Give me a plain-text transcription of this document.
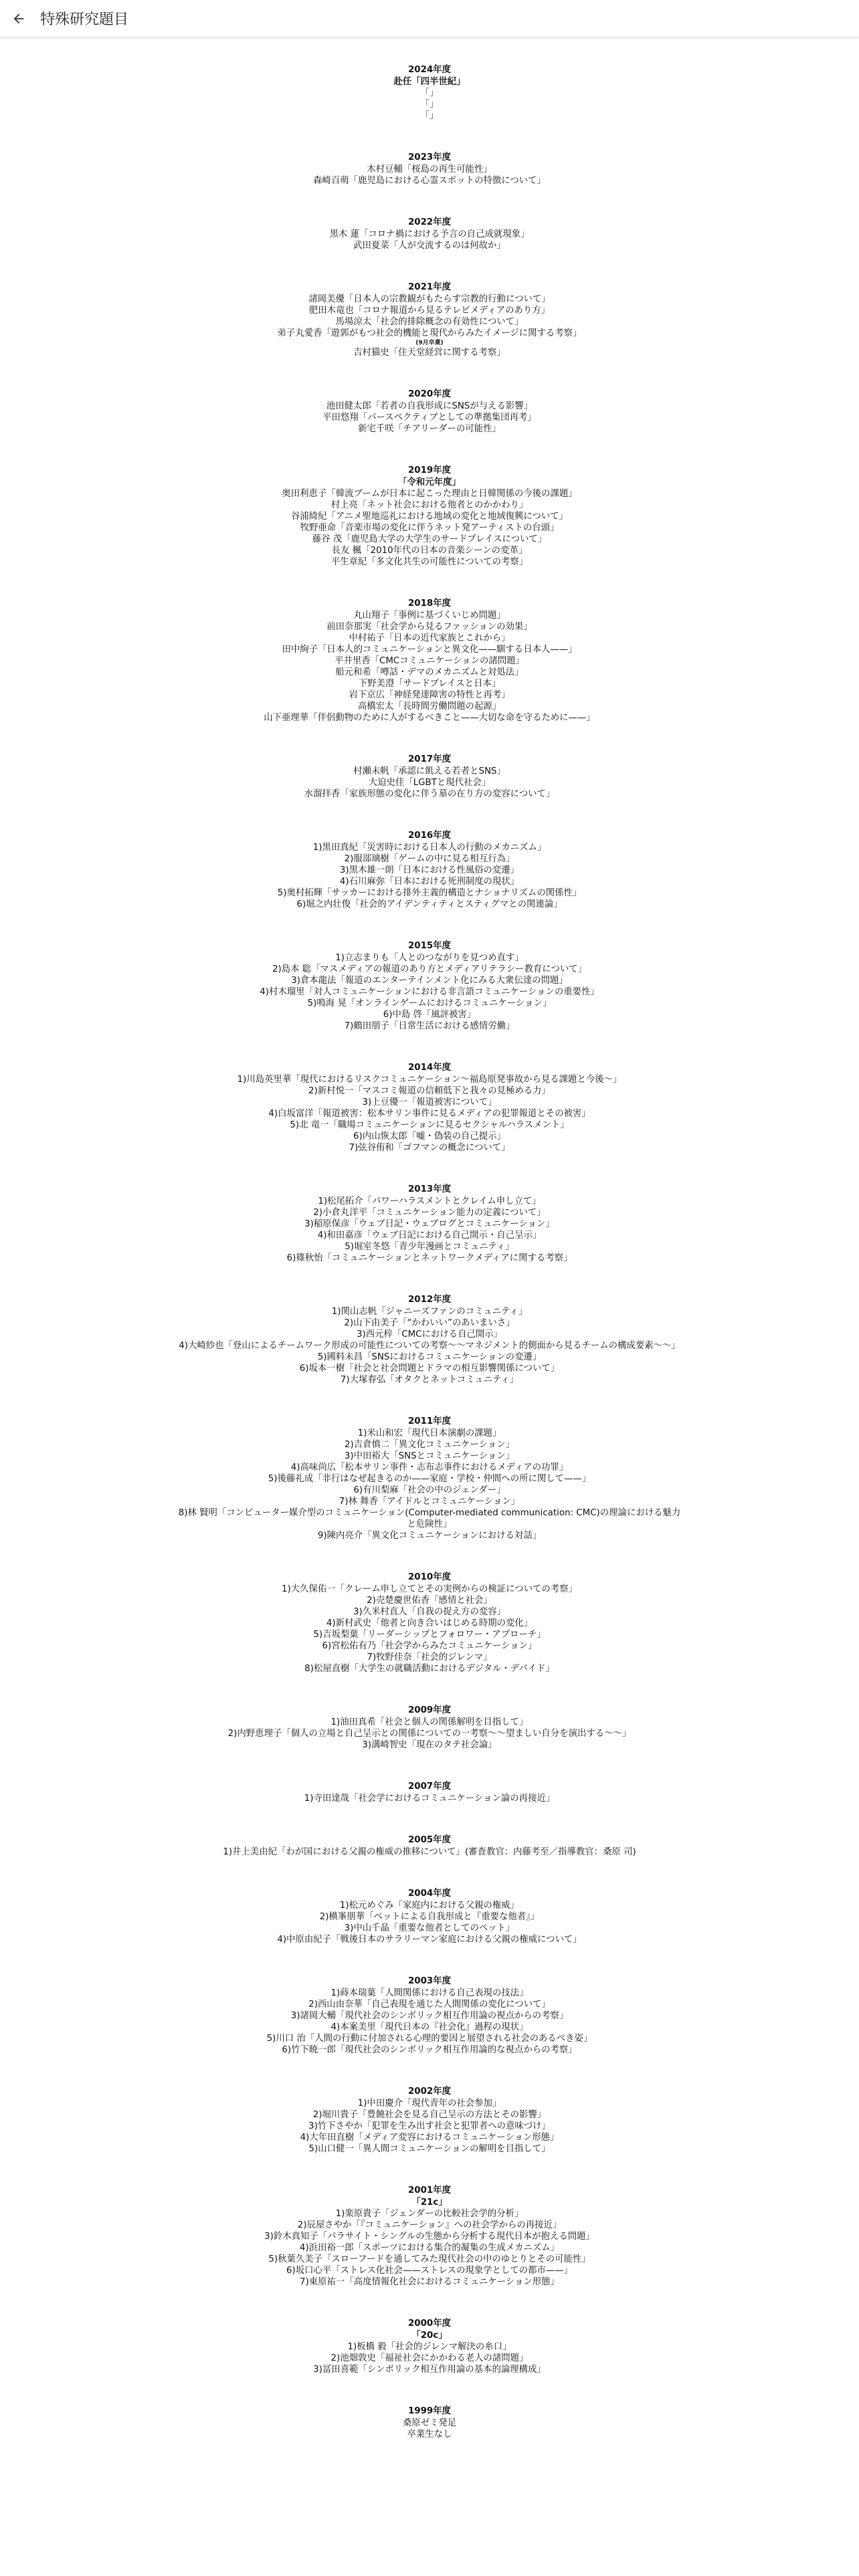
特殊研究題目
2024年度
赴任「四半世紀」
「」
「」
「」
2023年度
木村豆輔「桜島の再生可能性」
森崎百萌「鹿児島における心霊スポットの特徴について」
2022年度
黒木 蓮「コロナ禍における予言の自己成就現象」
武田夏菜「人が交流するのは何故か」
2021年度
諸岡美優「日本人の宗教観がもたらす宗教的行動について」
肥田木竜也「コロナ報道から見るテレビメディアのあり方」
馬場涼太「社会的排除概念の有効性について」
弟子丸愛香「遊郭がもつ社会的機能と現代からみたイメージに関する考察」
(9月卒業)
吉村猫史「住天堂経営に関する考察」
2020年度
池田健太郎「若者の自我形成にSNSが与える影響」
平田悠翔「パースペクティブとしての準拠集団再考」
新宅千咲「チアリーダーの可能性」
2019年度
「令和元年度」
奥田利恵子「韓流ブームが日本に起こった理由と日韓関係の今後の課題」
村上亮「ネット社会における他者とのかかわり」
谷浦綺紀「アニメ聖地巡礼における地域の変化と地域復興について」
牧野亜命「音楽市場の変化に伴うネット発アーティストの台頭」
藤谷 茂「鹿児島大学の大学生のサードプレイスについて」
長友 楓「2010年代の日本の音楽シーンの変革」
平生章紀「多文化共生の可能性についての考察」
2018年度
丸山翔子「事例に基づくいじめ問題」
前田奈那実「社会学から見るファッションの効果」
中村祐子「日本の近代家族とこれから」
田中絢子「日本人的コミュニケーションと異文化——馴する日本人——」
平井里香「CMCコミュニケーションの諸問題」
船元和希「噂話・デマのメカニズムと対処法」
下野美澄「サードプレイスと日本」
岩下京広「神経発達障害の特性と再考」
高橋宏太「長時間労働問題の起源」
山下亜理華「伴侶動物のために人がするべきこと——大切な命を守るために——」
2017年度
村瀬未帆「承認に飢える若者とSNS」
大迫史佳「LGBTと現代社会」
水溜拝香「家族形態の変化に伴う墓の在り方の変容について」
2016年度
1)黒田真紀「災害時における日本人の行動のメカニズム」
2)服部璃樹「ゲームの中に見る相互行為」
3)黒木雄一朗「日本における性風俗の変遷」
4)石川麻弥「日本における死刑制度の現状」
5)奥村拓輝「サッカーにおける排外主義的構造とナショナリズムの関係性」
6)堀之内壮俊「社会的アイデンティティとスティグマとの関連論」
2015年度
1)立志まりも「人とのつながりを見つめ直す」
2)島本 聡「マスメディアの報道のあり方とメディアリテラシー教育について」
3)倉本龍法「報道のエンターテインメント化にみる大衆伝達の問題」
4)村木瑠里「対人コミュニケーションにおける非言語コミュニケーションの重要性」
5)鳴海 晃「オンラインゲームにおけるコミュニケーション」
6)中島 啓「風評被害」
7)鶴田朋子「日常生活における感情労働」
2014年度
1)川島英里華「現代におけるリスクコミュニケーション〜福島原発事故から見る課題と今後〜」
2)新村悦一「マスコミ報道の信頼低下と我々の見極める力」
3)上豆優一「報道被害について」
4)白坂富洋「報道被害：松本サリン事件に見るメディアの犯罪報道とその被害」
5)北 竜一「職場コミュニケーションに見るセクシャルハラスメント」
6)内山恢太郎「嘘・偽装の自己提示」
7)弦谷侑和「ゴフマンの概念について」
2013年度
1)松尾拓介「パワーハラスメントとクレイム申し立て」
2)小倉丸洋平「コミュニケーション能力の定義について」
3)稲原保彦「ウェブ日記・ウェブログとコミュニケーション」
4)和田嘉彦「ウェブ日記における自己開示・自己呈示」
5)堀室冬悠「青少年漫画とコミュニティ」
6)篠秋怡「コミュニケーションとネットワークメディアに関する考察」
2012年度
1)関山志帆「ジャニーズファンのコミュニティ」
2)山下由美子「“かわいい”のあいまいさ」
3)西元梓「CMCにおける自己開示」
4)大崎紗也「登山によるチームワーク形成の可能性についての考察〜〜マネジメント的側面から見るチームの構成要素〜〜」
5)國料未昌「SNSにおけるコミュニケーションの変遷」
6)坂本一樹「社会と社会問題とドラマの相互影響関係について」
7)大塚春弘「オタクとネットコミュニティ」
2011年度
1)米山和宏「現代日本演劇の課題」
2)吉倉慎二「異文化コミュニケーション」
3)中田裕大「SNSとコミュニケーション」
4)高味尚広「松本サリン事件・志布志事件におけるメディアの功罪」
5)後藤礼成「非行はなぜ起きるのか——家庭・学校・仲間への所に関して——」
6)有川梨麻「社会の中のジェンダー」
7)林 舞香「アイドルとコミュニケーション」
8)林 賢明「コンピューター媒介型のコミュニケーション(Computer-mediated communication: CMC)の理論における魅力と危険性」
9)陳内亮介「異文化コミュニケーションにおける対話」
2010年度
1)大久保佑一「クレーム申し立てとその実例からの検証についての考察」
2)売楚慶世佑香「感情と社会」
3)久米村直人「自我の捉え方の変容」
4)新村武史「他者と向き合いはじめる時期の変化」
5)吉坂梨葉「リーダーシップとフォロワー・アプローチ」
6)宮松佑有乃「社会学からみたコミュニケーション」
7)牧野佳奈「社会的ジレンマ」
8)松屋直樹「大学生の就職活動におけるデジタル・デバイド」
2009年度
1)油田真希「社会と個人の関係解明を目指して」
2)内野恵理子「個人の立場と自己呈示との関係についての一考察〜〜望ましい自分を演出する〜〜」
3)溝崎智史「現在のタテ社会論」
2007年度
1)寺田達哉「社会学におけるコミュニケーション論の再接近」
2005年度
1)井上美由紀「わが国における父親の権威の推移について」(審査教官：内藤考至／指導教官：桑原 司)
2004年度
1)松元めぐみ「家庭内における父親の権威」
2)横峯朋華「ペットによる自我形成と『重要な他者』」
3)中山千晶「重要な他者としてのペット」
4)中原由紀子「戦後日本のサラリーマン家庭における父親の権威について」
2003年度
1)蒔本瑞葉「人間関係における自己表現の技法」
2)西山由奈華「自己表現を通じた人間関係の変化について」
3)諸岡大輔「現代社会のシンボリック相互作用論の視点からの考察」
4)本案美里「現代日本の『社会化』過程の現状」
5)川口 治「人間の行動に付加される心理的要因と展望される社会のあるべき姿」
6)竹下暁一郎「現代社会のシンボリック相互作用論的な視点からの考察」
2002年度
1)中田慶介「現代青年の社会参加」
2)堀川貴子「豊饒社会を見る自己呈示の方法とその影響」
3)竹下さやか「犯罪を生み出す社会と犯罪者への意味づけ」
4)大年田直樹「メディア変容におけるコミュニケーション形態」
5)山口健一「異人間コミュニケーションの解明を目指して」
2001年度
「21c」
1)楽原貴子「ジェンダーの比較社会学的分析」
2)辰屋さやか「『コミュニケーション』への社会学からの再接近」
3)鈴木真知子「パラサイト・シングルの生態から分析する現代日本が抱える問題」
4)浜田裕一郎「スポーツにおける集合的凝集の生成メカニズム」
5)秋葉久美子「スローフードを通してみた現代社会の中のゆとりとその可能性」
6)坂口心平「ストレス化社会——ストレスの現象学としての都市——」
7)東原祐一「高度情報化社会におけるコミュニケーション形態」
2000年度
「20c」
1)板橋 毅「社会的ジレンマ解決の糸口」
2)池畑敦史「福祉社会にかかわる老人の諸問題」
3)冨田喜範「シンボリック相互作用論の基本的論理構成」
1999年度
桑原ゼミ発足
卒業生なし
